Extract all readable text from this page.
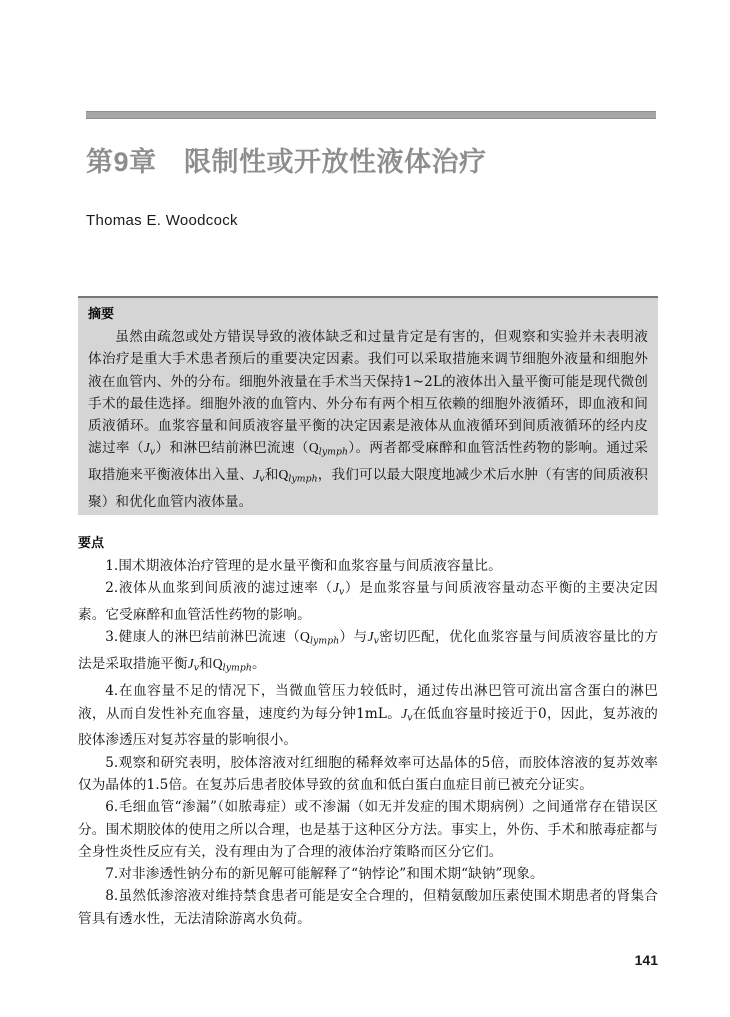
第9章　限制性或开放性液体治疗
Thomas E. Woodcock
摘要
虽然由疏忽或处方错误导致的液体缺乏和过量肯定是有害的，但观察和实验并未表明液体治疗是重大手术患者预后的重要决定因素。我们可以采取措施来调节细胞外液量和细胞外液在血管内、外的分布。细胞外液量在手术当天保持1~2L的液体出入量平衡可能是现代微创手术的最佳选择。细胞外液的血管内、外分布有两个相互依赖的细胞外液循环，即血液和间质液循环。血浆容量和间质液容量平衡的决定因素是液体从血液循环到间质液循环的经内皮滤过率$(J_v)$和淋巴结前淋巴流速$(Q_{lymph})$。两者都受麻醉和血管活性药物的影响。通过采取措施来平衡液体出入量、$J_v$和$Q_{lymph}$，我们可以最大限度地减少术后水肿（有害的间质液积聚）和优化血管内液体量。
要点
1.围术期液体治疗管理的是水量平衡和血浆容量与间质液容量比。
2.液体从血浆到间质液的滤过速率$(J_v)$是血浆容量与间质液容量动态平衡的主要决定因素。它受麻醉和血管活性药物的影响。
3.健康人的淋巴结前淋巴流速$(Q_{lymph})$与$J_v$密切匹配，优化血浆容量与间质液容量比的方法是采取措施平衡$J_v$和$Q_{lymph}$。
4.在血容量不足的情况下，当微血管压力较低时，通过传出淋巴管可流出富含蛋白的淋巴液，从而自发性补充血容量，速度约为每分钟1mL。$J_v$在低血容量时接近于0，因此，复苏液的胶体渗透压对复苏容量的影响很小。
5.观察和研究表明，胶体溶液对红细胞的稀释效率可达晶体的5倍，而胶体溶液的复苏效率仅为晶体的1.5倍。在复苏后患者胶体导致的贫血和低白蛋白血症目前已被充分证实。
6.毛细血管“渗漏”（如脓毒症）或不渗漏（如无并发症的围术期病例）之间通常存在错误区分。围术期胶体的使用之所以合理，也是基于这种区分方法。事实上，外伤、手术和脓毒症都与全身性炎性反应有关，没有理由为了合理的液体治疗策略而区分它们。
7.对非渗透性钠分布的新见解可能解释了“钠悖论”和围术期“缺钠”现象。
8.虽然低渗溶液对维持禁食患者可能是安全合理的，但精氨酸加压素使围术期患者的肾集合管具有透水性，无法清除游离水负荷。
141
